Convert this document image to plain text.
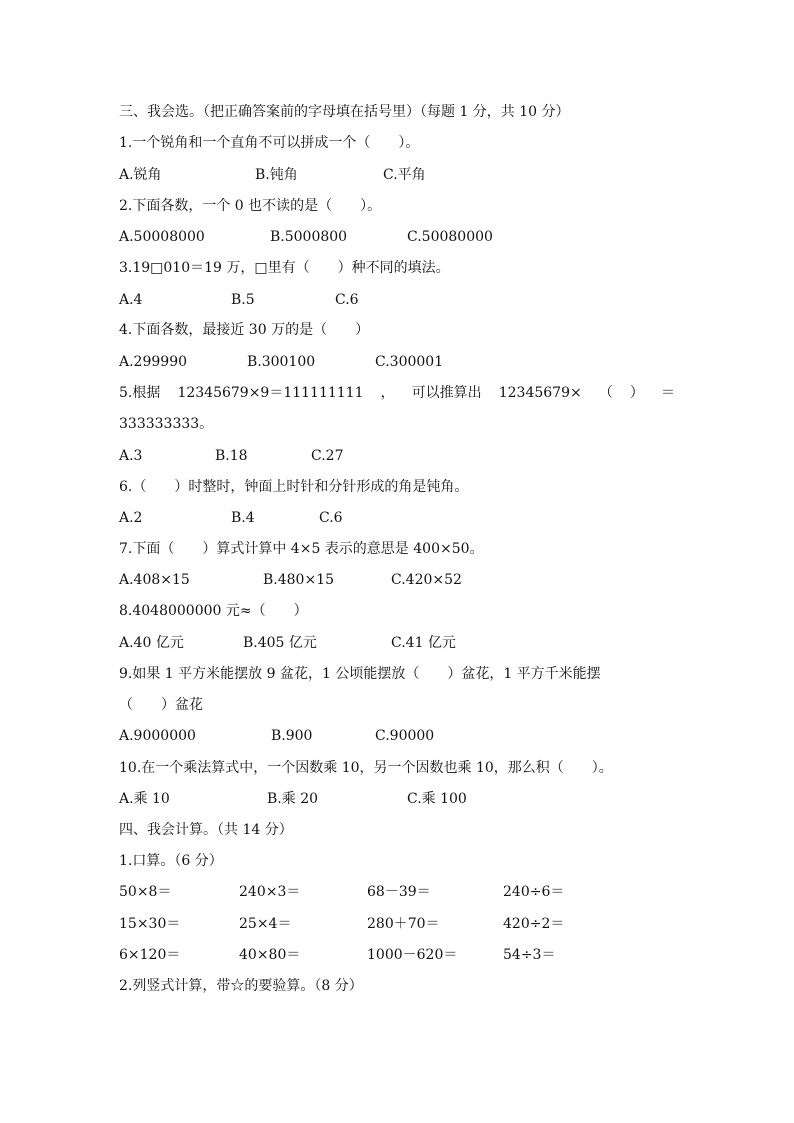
三、我会选。（把正确答案前的字母填在括号里）（每题 1 分，共 10 分）
1.一个锐角和一个直角不可以拼成一个（　　）。
A.锐角	B.钝角	C.平角
2.下面各数，一个 0 也不读的是（　　）。
A.50008000	B.5000800	C.50080000
3.19□010＝19 万，□里有（　　）种不同的填法。
A.4	B.5	C.6
4.下面各数，最接近 30 万的是（　　）
A.299990	B.300100	C.300001
5.根据 12345679×9＝111111111 ， 可以推算出 12345679× （ ） ＝
333333333。
A.3	B.18	C.27
6.（　　）时整时，钟面上时针和分针形成的角是钝角。
A.2	B.4	C.6
7.下面（　　）算式计算中 4×5 表示的意思是 400×50。
A.408×15	B.480×15	C.420×52
8.4048000000 元≈（　　）
A.40 亿元	B.405 亿元	C.41 亿元
9.如果 1 平方米能摆放 9 盆花，1 公顷能摆放（　　）盆花，1 平方千米能摆
（　　）盆花
A.9000000	B.900	C.90000
10.在一个乘法算式中，一个因数乘 10，另一个因数也乘 10，那么积（　　）。
A.乘 10	B.乘 20	C.乘 100
四、我会计算。（共 14 分）
1.口算。（6 分）
50×8＝	240×3＝	68－39＝	240÷6＝
15×30＝	25×4＝	280＋70＝	420÷2＝
6×120＝	40×80＝	1000－620＝	54÷3＝
2.列竖式计算，带☆的要验算。（8 分）
